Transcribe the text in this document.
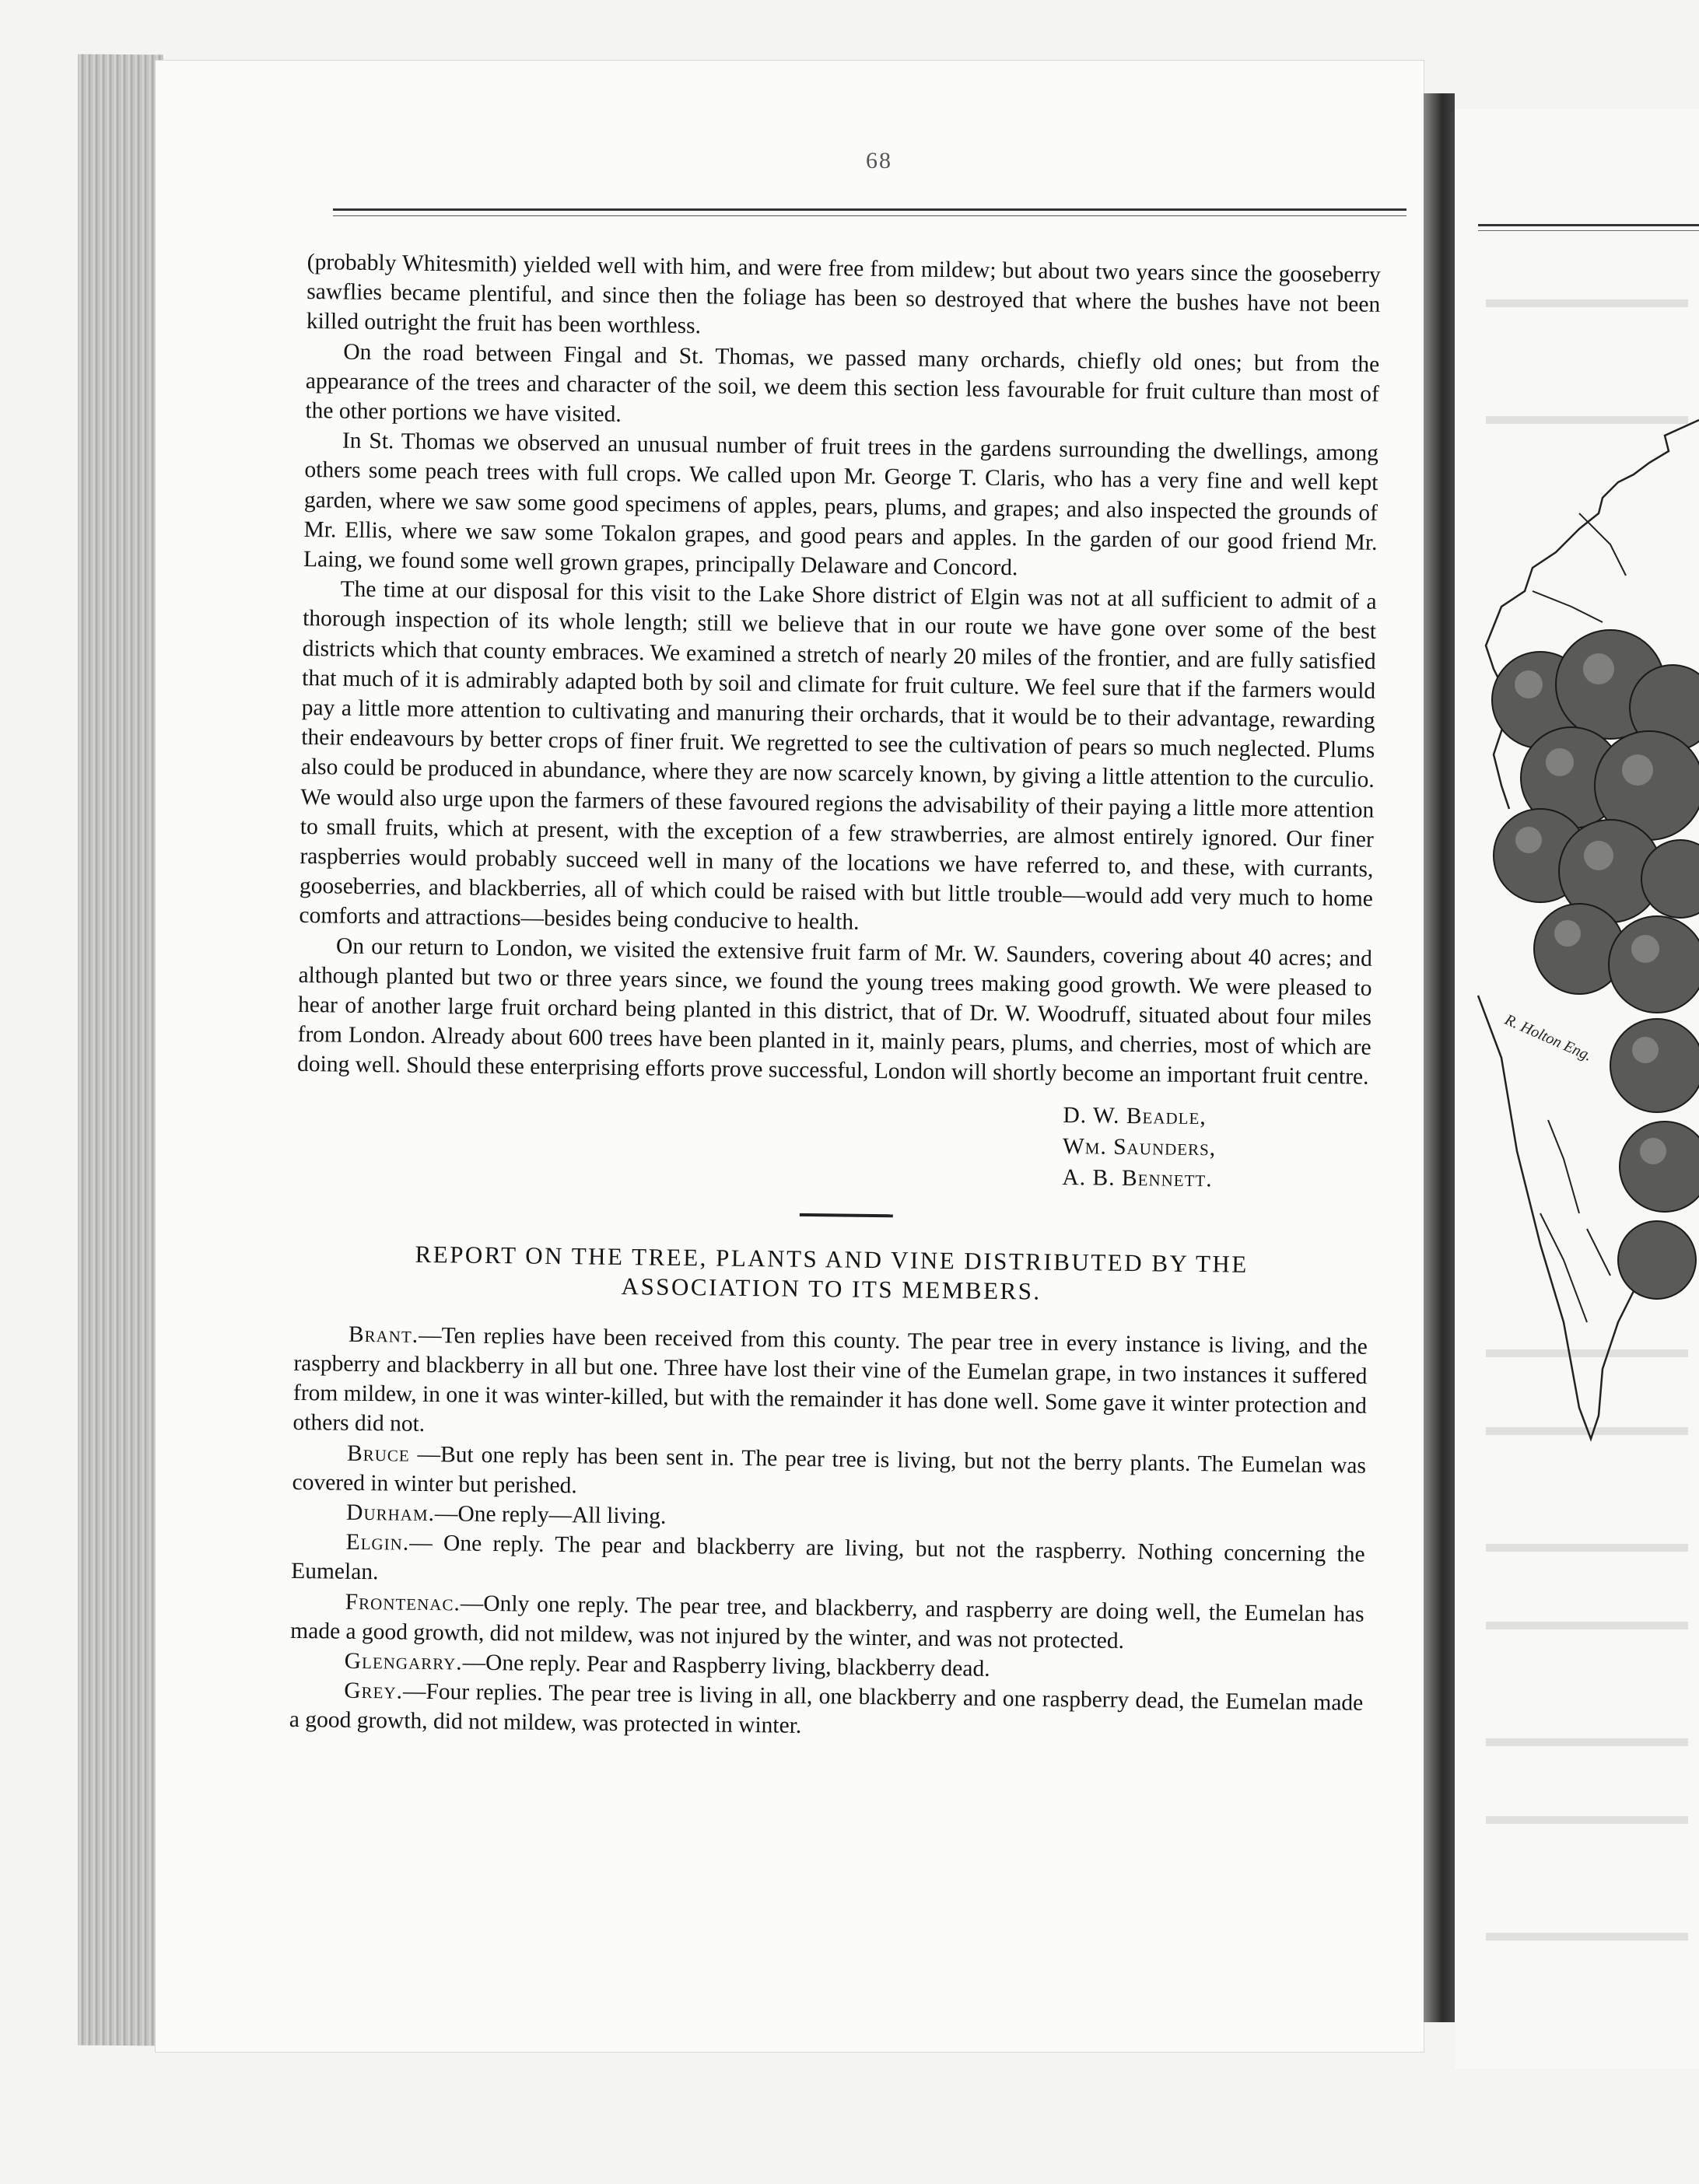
68

(probably Whitesmith) yielded well with him, and were free from mildew; but about two years since the gooseberry sawflies became plentiful, and since then the foliage has been so destroyed that where the bushes have not been killed outright the fruit has been worthless.

On the road between Fingal and St. Thomas, we passed many orchards, chiefly old ones; but from the appearance of the trees and character of the soil, we deem this section less favourable for fruit culture than most of the other portions we have visited.

In St. Thomas we observed an unusual number of fruit trees in the gardens surrounding the dwellings, among others some peach trees with full crops. We called upon Mr. George T. Claris, who has a very fine and well kept garden, where we saw some good specimens of apples, pears, plums, and grapes; and also inspected the grounds of Mr. Ellis, where we saw some Tokalon grapes, and good pears and apples. In the garden of our good friend Mr. Laing, we found some well grown grapes, principally Delaware and Concord.

The time at our disposal for this visit to the Lake Shore district of Elgin was not at all sufficient to admit of a thorough inspection of its whole length; still we believe that in our route we have gone over some of the best districts which that county embraces. We examined a stretch of nearly 20 miles of the frontier, and are fully satisfied that much of it is admirably adapted both by soil and climate for fruit culture. We feel sure that if the farmers would pay a little more attention to cultivating and manuring their orchards, that it would be to their advantage, rewarding their endeavours by better crops of finer fruit. We regretted to see the cultivation of pears so much neglected. Plums also could be produced in abundance, where they are now scarcely known, by giving a little attention to the curculio. We would also urge upon the farmers of these favoured regions the advisability of their paying a little more attention to small fruits, which at present, with the exception of a few strawberries, are almost entirely ignored. Our finer raspberries would probably succeed well in many of the locations we have referred to, and these, with currants, gooseberries, and blackberries, all of which could be raised with but little trouble—would add very much to home comforts and attractions—besides being conducive to health.

On our return to London, we visited the extensive fruit farm of Mr. W. Saunders, covering about 40 acres; and although planted but two or three years since, we found the young trees making good growth. We were pleased to hear of another large fruit orchard being planted in this district, that of Dr. W. Woodruff, situated about four miles from London. Already about 600 trees have been planted in it, mainly pears, plums, and cherries, most of which are doing well. Should these enterprising efforts prove successful, London will shortly become an important fruit centre.

D. W. Beadle,
Wm. Saunders,
A. B. Bennett.
REPORT ON THE TREE, PLANTS AND VINE DISTRIBUTED BY THE
ASSOCIATION TO ITS MEMBERS.

Brant.—Ten replies have been received from this county. The pear tree in every instance is living, and the raspberry and blackberry in all but one. Three have lost their vine of the Eumelan grape, in two instances it suffered from mildew, in one it was winter-killed, but with the remainder it has done well. Some gave it winter protection and others did not.

Bruce —But one reply has been sent in. The pear tree is living, but not the berry plants. The Eumelan was covered in winter but perished.

Durham.—One reply—All living.

Elgin.— One reply. The pear and blackberry are living, but not the raspberry. Nothing concerning the Eumelan.

Frontenac.—Only one reply. The pear tree, and blackberry, and raspberry are doing well, the Eumelan has made a good growth, did not mildew, was not injured by the winter, and was not protected.

Glengarry.—One reply. Pear and Raspberry living, blackberry dead.

Grey.—Four replies. The pear tree is living in all, one blackberry and one raspberry dead, the Eumelan made a good growth, did not mildew, was protected in winter.

R. Holton Eng.
